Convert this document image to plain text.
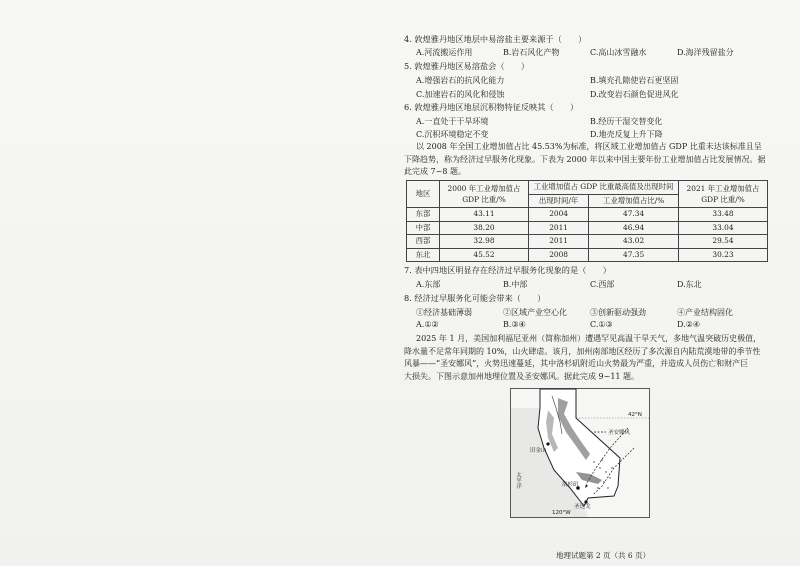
4. 敦煌雅丹地区地层中易溶盐主要来源于（　　）
A.河流搬运作用	B.岩石风化产物	C.高山冰雪融水	D.海洋残留盐分
5. 敦煌雅丹地区易溶盐会（　　）
A.增强岩石的抗风化能力	B.填充孔隙使岩石更坚固
C.加速岩石的风化和侵蚀	D.改变岩石颜色促进风化
6. 敦煌雅丹地区地层沉积物特征反映其（　　）
A.一直处于干旱环境	B.经历干湿交替变化
C.沉积环境稳定不变	D.地壳反复上升下降
以 2008 年全国工业增加值占比 45.53%为标准，将区域工业增加值占 GDP 比重未达该标准且呈
下降趋势，称为经济过早服务化现象。下表为 2000 年以来中国主要年份工业增加值占比发展情况。据
此完成 7~8 题。
地区	2000 年工业增加值占 GDP 比重/%	工业增加值占 GDP 比重最高值及出现时间		2021 年工业增加值占 GDP 比重/%
		出现时间/年	工业增加值占比/%	
东部	43.11	2004	47.34	33.48
中部	38.20	2011	46.94	33.04
西部	32.98	2011	43.02	29.54
东北	45.52	2008	47.35	30.23
7. 表中四地区明显存在经济过早服务化现象的是（　　）
A.东部	B.中部	C.西部	D.东北
8. 经济过早服务化可能会带来（　　）
①经济基础薄弱	②区域产业空心化	③创新驱动强劲	④产业结构固化
A.①②	B.③④	C.①③	D.②④
2025 年 1 月，美国加利福尼亚州（简称加州）遭遇罕见高温干旱天气，多地气温突破历史极值，
降水量不足常年同期的 10%，山火肆虐。该月，加州南部地区经历了多次源自内陆荒漠地带的季节性
风暴——“圣安娜风”，火势迅速蔓延，其中洛杉矶附近山火势最为严重，并造成人员伤亡和财产巨
大损失。下图示意加州地理位置及圣安娜风。据此完成 9~11 题。
42°N
圣安娜风
旧金山
洛杉矶
圣迭戈
120°W
太平洋
地理试题第 2 页（共 6 页）
